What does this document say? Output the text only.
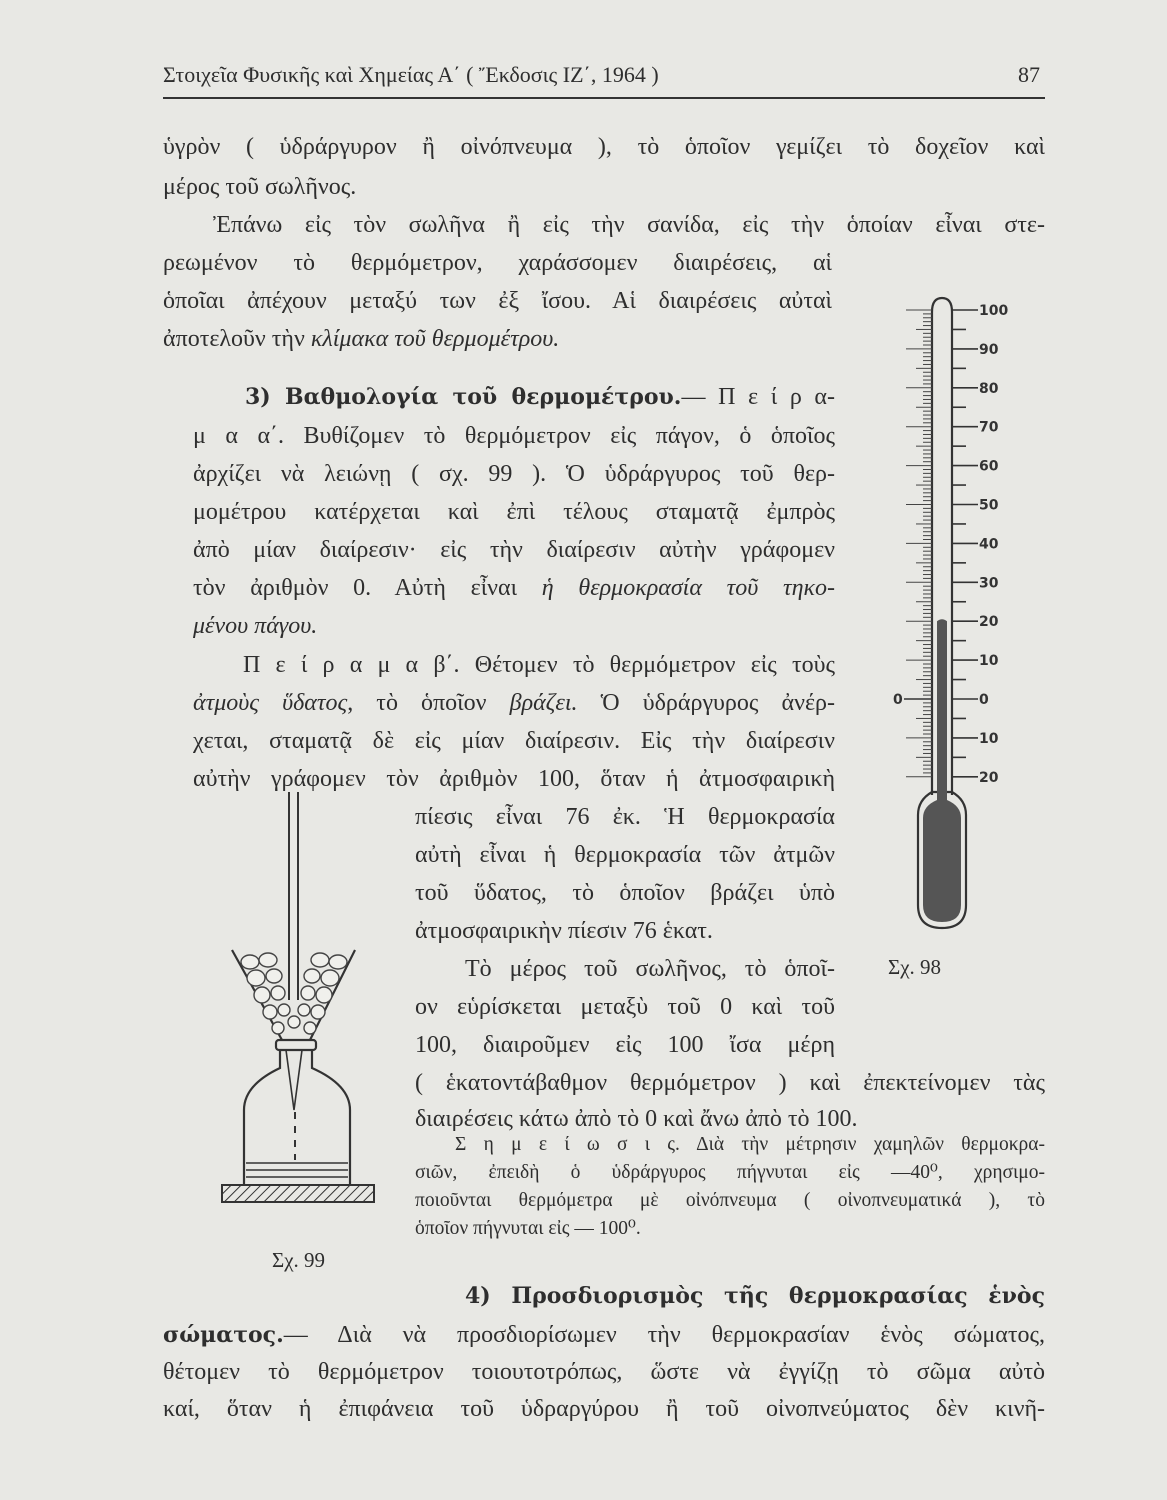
Στοιχεῖα Φυσικῆς καὶ Χημείας Α΄ ( Ἔκδοσις ΙΖ΄, 1964 )	87
ὑγρὸν ( ὑδράργυρον ἢ οἰνόπνευμα ), τὸ ὁποῖον γεμίζει τὸ δοχεῖον καὶ
μέρος τοῦ σωλῆνος.
Ἐπάνω εἰς τὸν σωλῆνα ἢ εἰς τὴν σανίδα, εἰς τὴν ὁποίαν εἶναι στε-
ρεωμένον τὸ θερμόμετρον, χαράσσομεν διαιρέσεις, αἱ
ὁποῖαι ἀπέχουν μεταξύ των ἐξ ἴσου. Αἱ διαιρέσεις αὐταὶ
ἀποτελοῦν τὴν κλίμακα τοῦ θερμομέτρου.
3) Βαθμολογία τοῦ θερμομέτρου.— Π ε ί ρ α-
μ α α΄. Βυθίζομεν τὸ θερμόμετρον εἰς πάγον, ὁ ὁποῖος
ἀρχίζει νὰ λειώνῃ ( σχ. 99 ). Ὁ ὑδράργυρος τοῦ θερ-
μομέτρου κατέρχεται καὶ ἐπὶ τέλους σταματᾷ ἐμπρὸς
ἀπὸ μίαν διαίρεσιν· εἰς τὴν διαίρεσιν αὐτὴν γράφομεν
τὸν ἀριθμὸν 0. Αὐτὴ εἶναι ἡ θερμοκρασία τοῦ τηκο-
μένου πάγου.
Π ε ί ρ α μ α β΄. Θέτομεν τὸ θερμόμετρον εἰς τοὺς
ἀτμοὺς ὕδατος, τὸ ὁποῖον βράζει. Ὁ ὑδράργυρος ἀνέρ-
χεται, σταματᾷ δὲ εἰς μίαν διαίρεσιν. Εἰς τὴν διαίρεσιν
αὐτὴν γράφομεν τὸν ἀριθμὸν 100, ὅταν ἡ ἀτμοσφαιρικὴ
πίεσις εἶναι 76 ἐκ. Ἡ θερμοκρασία
αὐτὴ εἶναι ἡ θερμοκρασία τῶν ἀτμῶν
τοῦ ὕδατος, τὸ ὁποῖον βράζει ὑπὸ
ἀτμοσφαιρικὴν πίεσιν 76 ἑκατ.
Τὸ μέρος τοῦ σωλῆνος, τὸ ὁποῖ-
ον εὑρίσκεται μεταξὺ τοῦ 0 καὶ τοῦ
100, διαιροῦμεν εἰς 100 ἴσα μέρη
( ἑκατοντάβαθμον θερμόμετρον ) καὶ ἐπεκτείνομεν τὰς
διαιρέσεις κάτω ἀπὸ τὸ 0 καὶ ἄνω ἀπὸ τὸ 100.
Σ η μ ε ί ω σ ι ς. Διὰ τὴν μέτρησιν χαμηλῶν θερμοκρα-
σιῶν, ἐπειδὴ ὁ ὑδράργυρος πήγνυται εἰς —40⁰, χρησιμο-
ποιοῦνται θερμόμετρα μὲ οἰνόπνευμα ( οἰνοπνευματικά ), τὸ
ὁποῖον πήγνυται εἰς — 100⁰.
4) Προσδιορισμὸς τῆς θερμοκρασίας ἑνὸς
σώματος.— Διὰ νὰ προσδιορίσωμεν τὴν θερμοκρασίαν ἑνὸς σώματος,
θέτομεν τὸ θερμόμετρον τοιουτοτρόπως, ὥστε νὰ ἐγγίζῃ τὸ σῶμα αὐτὸ
καί, ὅταν ἡ ἐπιφάνεια τοῦ ὑδραργύρου ἢ τοῦ οἰνοπνεύματος δὲν κινῆ-
100
90
80
70
60
50
40
30
20
10
0
10
20
0
Σχ. 98
Σχ. 99
